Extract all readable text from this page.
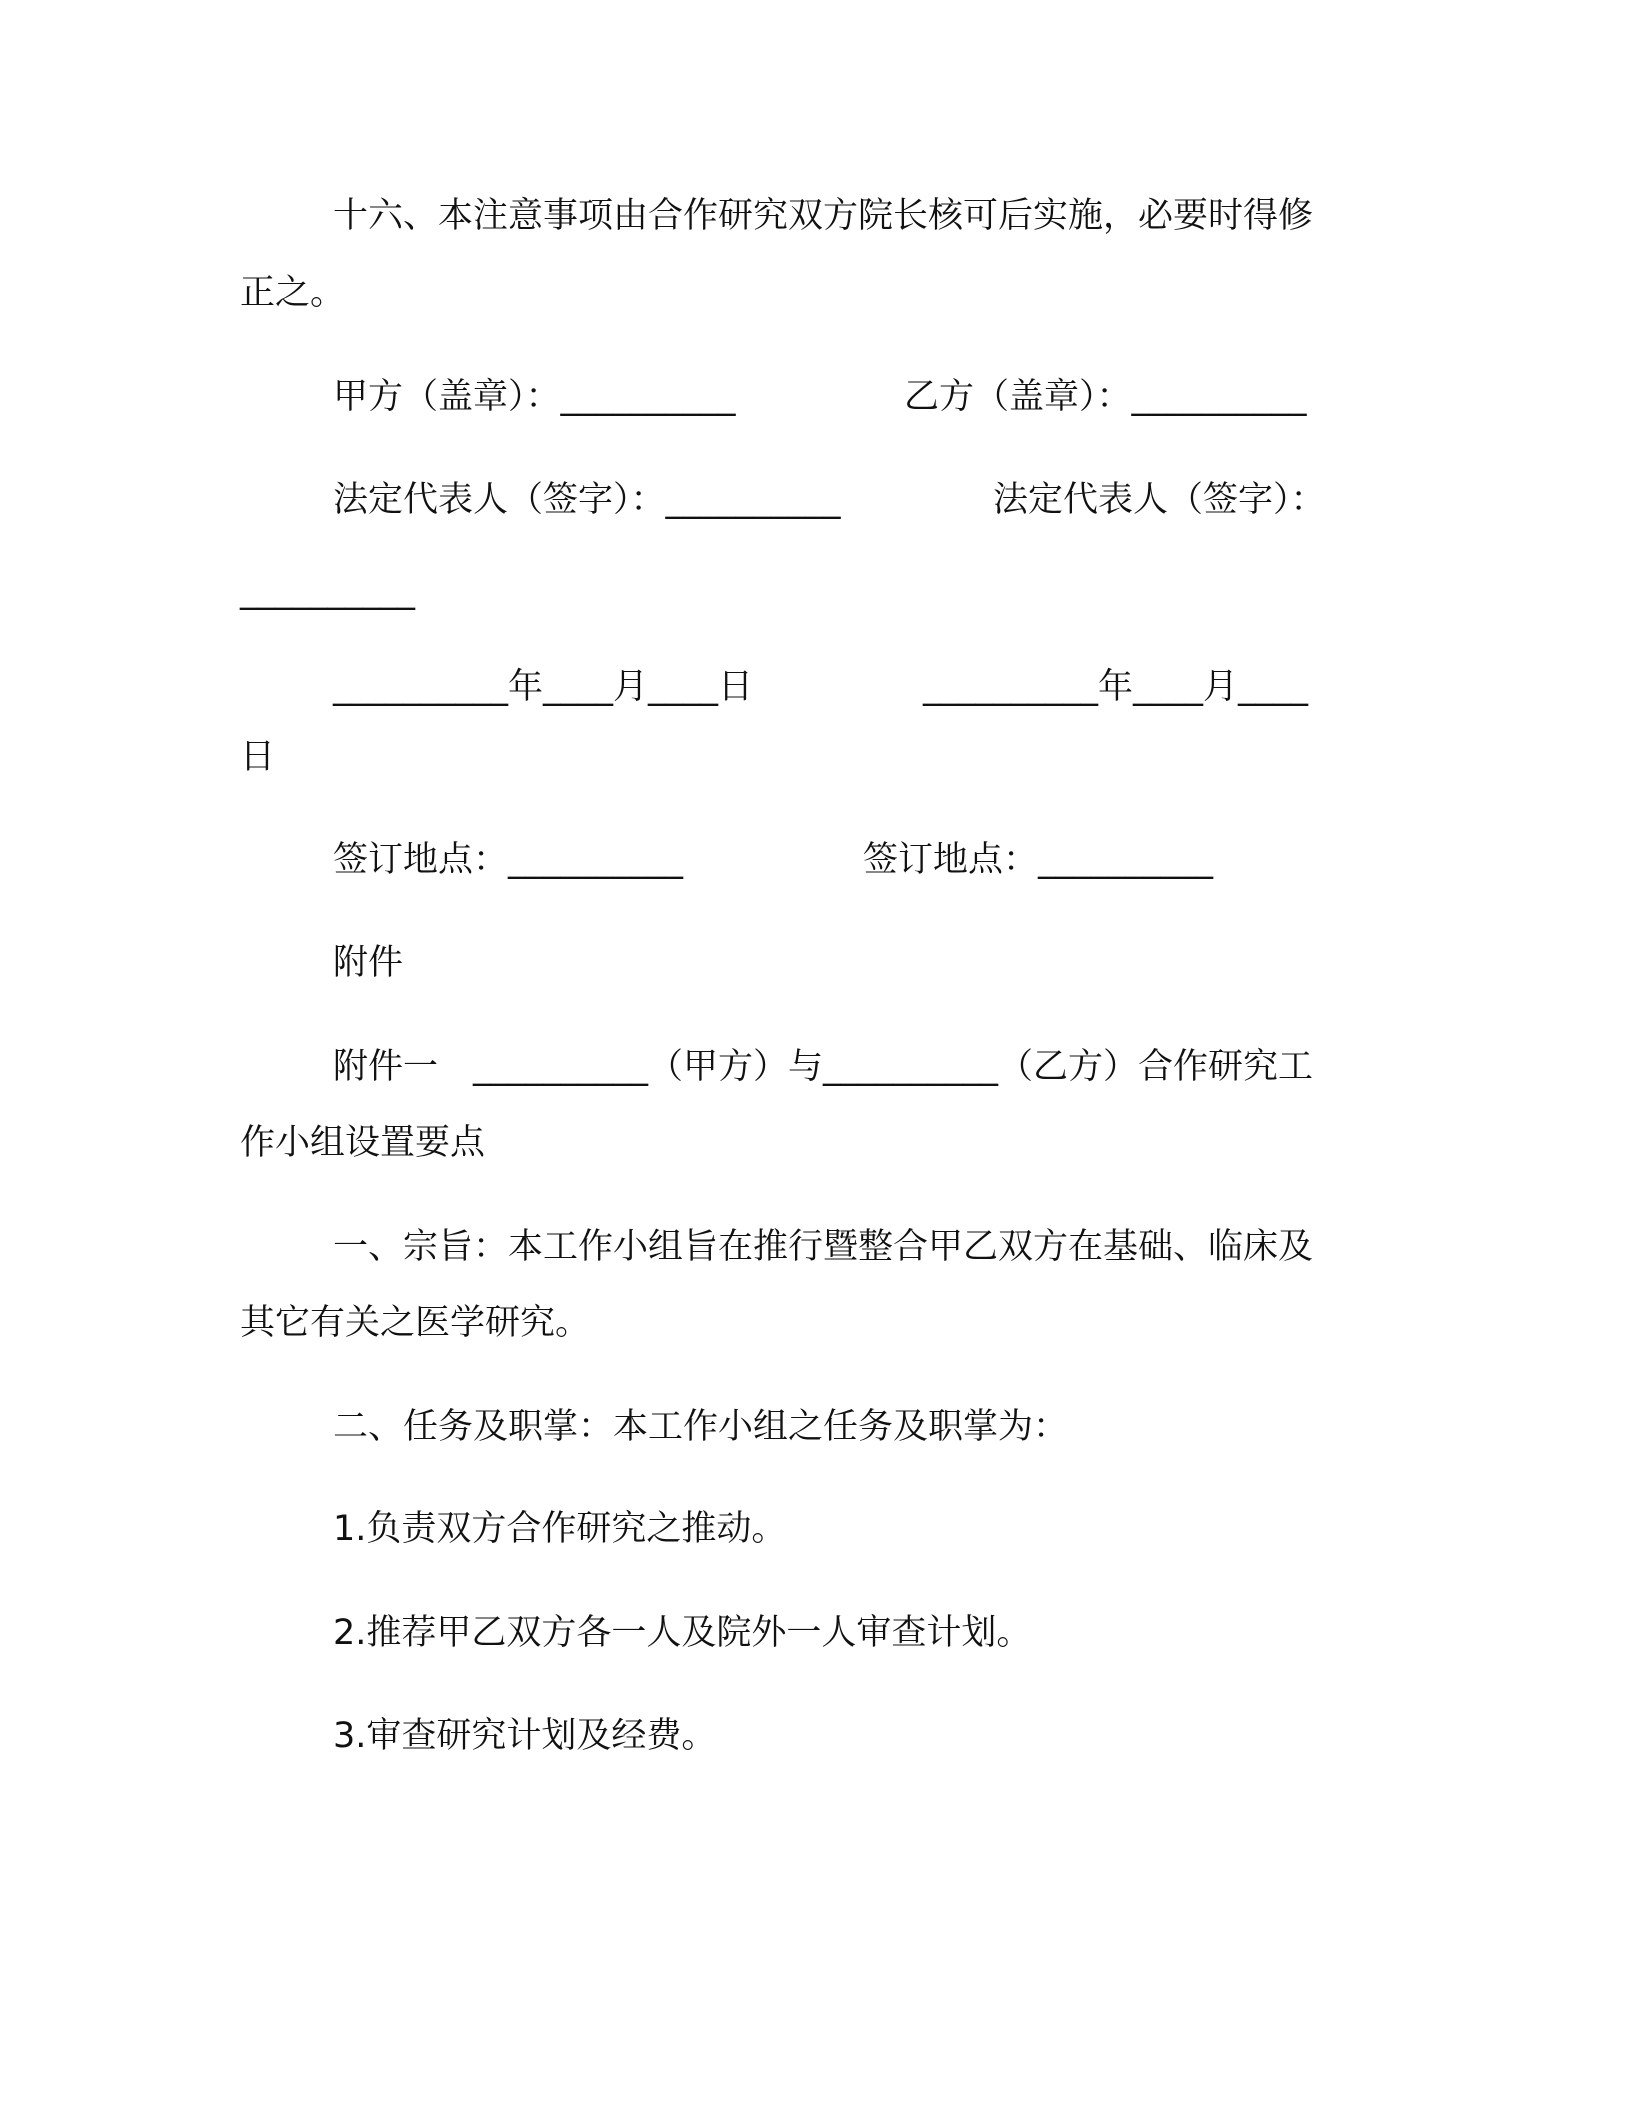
十六、本注意事项由合作研究双方院长核可后实施，必要时得修
正之。
甲方（盖章）：__________	乙方（盖章）：__________
法定代表人（签字）：__________	法定代表人（签字）：
__________
__________年____月____日	__________年____月____
日
签订地点：__________	签订地点：__________
附件
附件一　__________（甲方）与__________（乙方）合作研究工
作小组设置要点
一、宗旨：本工作小组旨在推行暨整合甲乙双方在基础、临床及
其它有关之医学研究。
二、任务及职掌：本工作小组之任务及职掌为：
1.负责双方合作研究之推动。
2.推荐甲乙双方各一人及院外一人审查计划。
3.审查研究计划及经费。
